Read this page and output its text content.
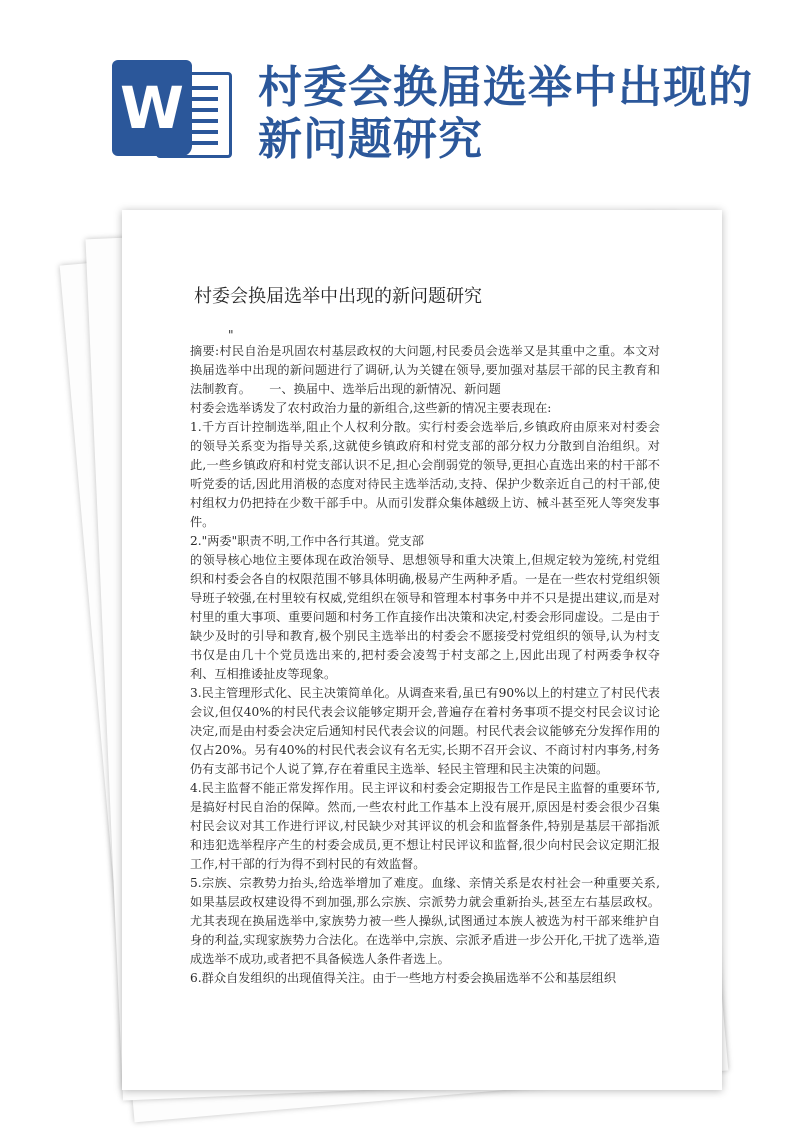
W 村委会换届选举中出现的新问题研究
村委会换届选举中出现的新问题研究
"

摘要:村民自治是巩固农村基层政权的大问题,村民委员会选举又是其重中之重。本文对换届选举中出现的新问题进行了调研,认为关键在领导,要加强对基层干部的民主教育和法制教育。　　一、换届中、选举后出现的新情况、新问题

村委会选举诱发了农村政治力量的新组合,这些新的情况主要表现在:

1.千方百计控制选举,阻止个人权利分散。实行村委会选举后,乡镇政府由原来对村委会的领导关系变为指导关系,这就使乡镇政府和村党支部的部分权力分散到自治组织。对此,一些乡镇政府和村党支部认识不足,担心会削弱党的领导,更担心直选出来的村干部不听党委的话,因此用消极的态度对待民主选举活动,支持、保护少数亲近自己的村干部,使村组权力仍把持在少数干部手中。从而引发群众集体越级上访、械斗甚至死人等突发事件。

2."两委"职责不明,工作中各行其道。党支部

的领导核心地位主要体现在政治领导、思想领导和重大决策上,但规定较为笼统,村党组织和村委会各自的权限范围不够具体明确,极易产生两种矛盾。一是在一些农村党组织领导班子较强,在村里较有权威,党组织在领导和管理本村事务中并不只是提出建议,而是对村里的重大事项、重要问题和村务工作直接作出决策和决定,村委会形同虚设。二是由于缺少及时的引导和教育,极个别民主选举出的村委会不愿接受村党组织的领导,认为村支书仅是由几十个党员选出来的,把村委会凌驾于村支部之上,因此出现了村两委争权夺利、互相推诿扯皮等现象。

3.民主管理形式化、民主决策简单化。从调查来看,虽已有90%以上的村建立了村民代表会议,但仅40%的村民代表会议能够定期开会,普遍存在着村务事项不提交村民会议讨论决定,而是由村委会决定后通知村民代表会议的问题。村民代表会议能够充分发挥作用的仅占20%。另有40%的村民代表会议有名无实,长期不召开会议、不商讨村内事务,村务仍有支部书记个人说了算,存在着重民主选举、轻民主管理和民主决策的问题。

4.民主监督不能正常发挥作用。民主评议和村委会定期报告工作是民主监督的重要环节,是搞好村民自治的保障。然而,一些农村此工作基本上没有展开,原因是村委会很少召集村民会议对其工作进行评议,村民缺少对其评议的机会和监督条件,特别是基层干部指派和违犯选举程序产生的村委会成员,更不想让村民评议和监督,很少向村民会议定期汇报工作,村干部的行为得不到村民的有效监督。

5.宗族、宗教势力抬头,给选举增加了难度。血缘、亲情关系是农村社会一种重要关系,如果基层政权建设得不到加强,那么宗族、宗派势力就会重新抬头,甚至左右基层政权。尤其表现在换届选举中,家族势力被一些人操纵,试图通过本族人被选为村干部来维护自身的利益,实现家族势力合法化。在选举中,宗族、宗派矛盾进一步公开化,干扰了选举,造成选举不成功,或者把不具备候选人条件者选上。

6.群众自发组织的出现值得关注。由于一些地方村委会换届选举不公和基层组织
